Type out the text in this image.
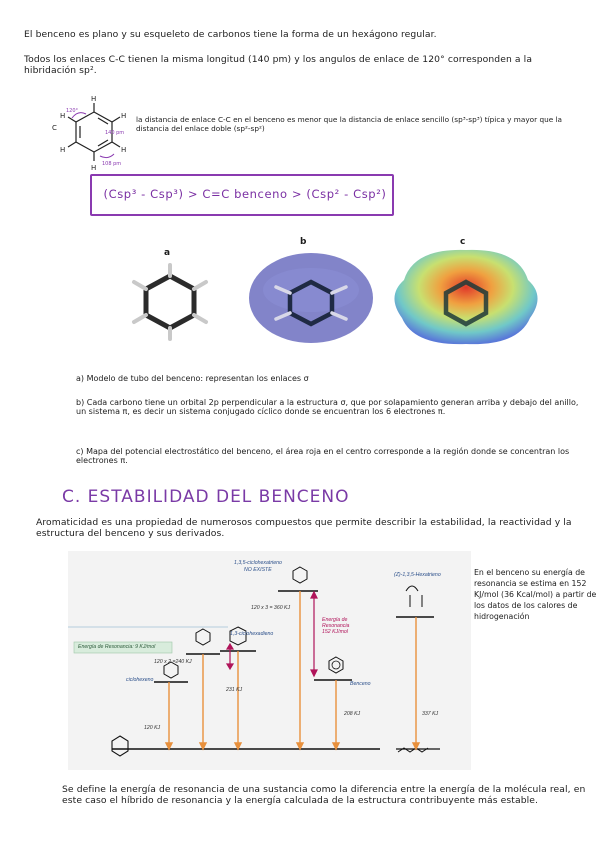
El benceno es plano y su esqueleto de carbonos tiene la forma de un hexágono regular.
Todos los enlaces C-C tienen la misma longitud (140 pm) y los angulos de enlace de 120° corresponden a la hibridación sp².
H
H
H
H
H
H
C
120°
140 pm
108 pm
la distancia de enlace C-C en el benceno es menor que la distancia de enlace sencillo (sp³-sp³) típica y mayor que la distancia del enlace doble (sp²-sp²)
(Csp³ - Csp³) > C=C benceno > (Csp² - Csp²)
a
b	c
a) Modelo de tubo del benceno: representan los enlaces σ
b) Cada carbono tiene un orbital 2p perpendicular a la estructura σ, que por solapamiento generan arriba y debajo del anillo, un sistema π, es decir un sistema conjugado cíclico donde se encuentran los 6 electrones π.
c) Mapa del potencial electrostático del benceno, el área roja en el centro corresponde a la región donde se concentran los electrones π.
C. ESTABILIDAD DEL BENCENO
Aromaticidad es una propiedad de numerosos compuestos que permite describir la estabilidad, la reactividad y la estructura del benceno y sus derivados.
1,3,5-ciclohexatrieno
NO EXISTE
120 x 3 = 360 KJ
Energía de
Resonancia
152 KJ/mol
1,3-ciclohexadieno
Energía de Resonancia: 9 KJ/mol
120 x 2 =240 KJ
ciclohexeno
231 KJ
Benceno
208 KJ
120 KJ
(Z)-1,3,5-Hexatrieno
337 KJ
En el benceno su energía de resonancia se estima en 152 KJ/mol (36 Kcal/mol) a partir de los datos de los calores de hidrogenación
Se define la energía de resonancia de una sustancia como la diferencia entre la energía de la molécula real, en este caso el híbrido de resonancia y la energía calculada de la estructura contribuyente más estable.
